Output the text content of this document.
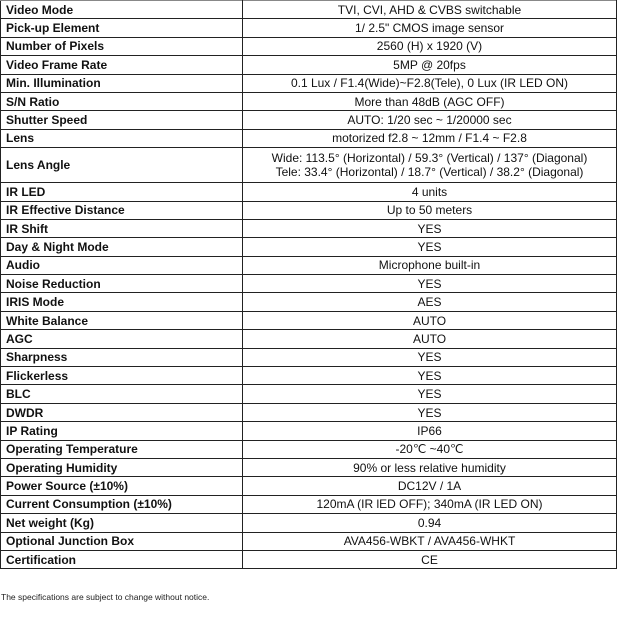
Video Mode	TVI, CVI, AHD & CVBS switchable

Pick-up Element	1/ 2.5" CMOS image sensor

Number of Pixels	2560 (H) x 1920 (V)

Video Frame Rate	5MP @ 20fps

Min. Illumination	0.1 Lux / F1.4(Wide)~F2.8(Tele), 0 Lux (IR LED ON)

S/N Ratio	More than 48dB (AGC OFF)

Shutter Speed	AUTO: 1/20 sec ~ 1/20000 sec

Lens	motorized f2.8 ~ 12mm / F1.4 ~ F2.8

Lens Angle	Wide: 113.5° (Horizontal) / 59.3° (Vertical) / 137° (Diagonal)
Tele: 33.4° (Horizontal) / 18.7° (Vertical) / 38.2° (Diagonal)

IR LED	4 units

IR Effective Distance	Up to 50 meters

IR Shift	YES

Day & Night Mode	YES

Audio	Microphone built-in

Noise Reduction	YES

IRIS Mode	AES

White Balance	AUTO

AGC	AUTO

Sharpness	YES

Flickerless	YES

BLC	YES

DWDR	YES

IP Rating	IP66

Operating Temperature	-20℃ ~40℃

Operating Humidity	90% or less relative humidity

Power Source (±10%)	DC12V / 1A

Current Consumption (±10%)	120mA (IR lED OFF); 340mA (IR LED ON)

Net weight (Kg)	0.94

Optional Junction Box	AVA456-WBKT / AVA456-WHKT

Certification	CE
The specifications are subject to change without notice.
